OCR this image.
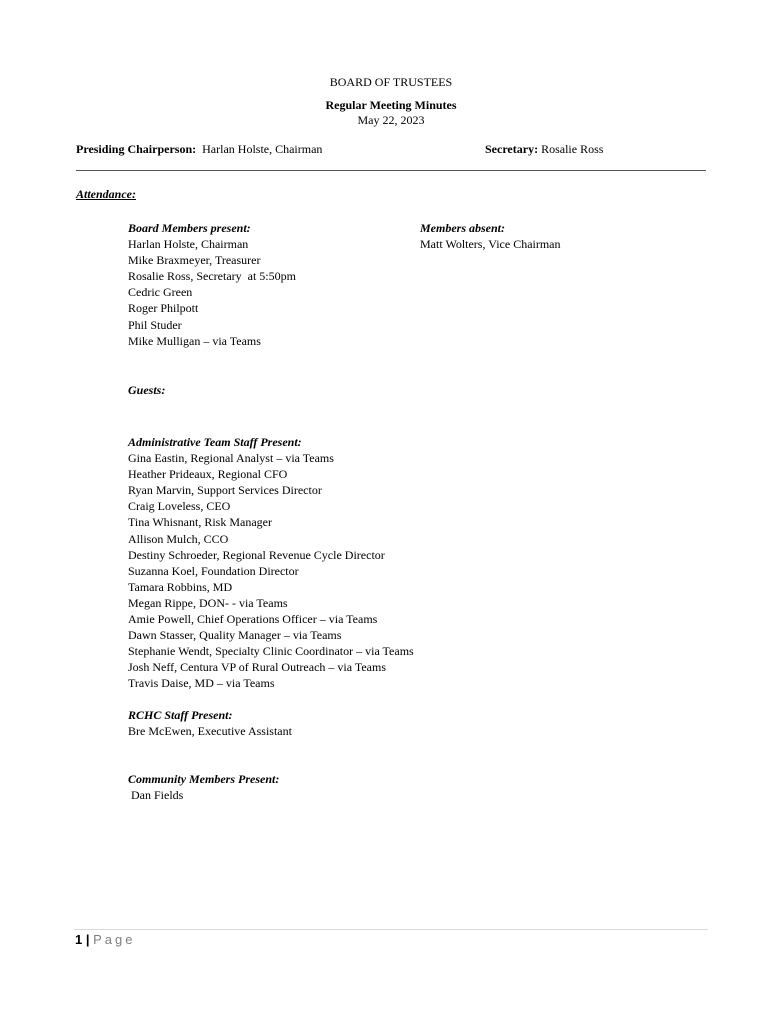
BOARD OF TRUSTEES
Regular Meeting Minutes
May 22, 2023
Presiding Chairperson: Harlan Holste, Chairman	Secretary: Rosalie Ross
Attendance:
Board Members present:
Harlan Holste, Chairman
Mike Braxmeyer, Treasurer
Rosalie Ross, Secretary  at 5:50pm
Cedric Green
Roger Philpott
Phil Studer
Mike Mulligan – via Teams
Members absent:
Matt Wolters, Vice Chairman
Guests:
Administrative Team Staff Present:
Gina Eastin, Regional Analyst – via Teams
Heather Prideaux, Regional CFO
Ryan Marvin, Support Services Director
Craig Loveless, CEO
Tina Whisnant, Risk Manager
Allison Mulch, CCO
Destiny Schroeder, Regional Revenue Cycle Director
Suzanna Koel, Foundation Director
Tamara Robbins, MD
Megan Rippe, DON- - via Teams
Amie Powell, Chief Operations Officer – via Teams
Dawn Stasser, Quality Manager – via Teams
Stephanie Wendt, Specialty Clinic Coordinator – via Teams
Josh Neff, Centura VP of Rural Outreach – via Teams
Travis Daise, MD – via Teams
RCHC Staff Present:
Bre McEwen, Executive Assistant
Community Members Present:
Dan Fields
1 | Page
